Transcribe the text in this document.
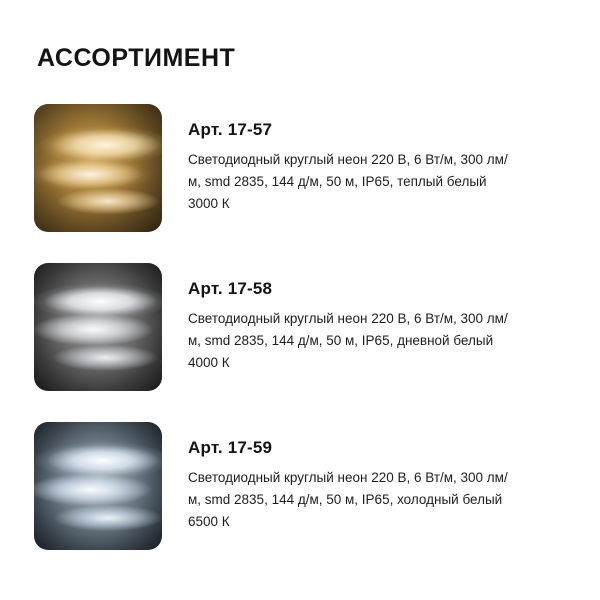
АССОРТИМЕНТ
Арт. 17-57
Светодиодный круглый неон 220 В, 6 Вт/м, 300 лм/м, smd 2835, 144 д/м, 50 м, IP65, теплый белый 3000 К
Арт. 17-58
Светодиодный круглый неон 220 В, 6 Вт/м, 300 лм/м, smd 2835, 144 д/м, 50 м, IP65, дневной белый 4000 К
Арт. 17-59
Светодиодный круглый неон 220 В, 6 Вт/м, 300 лм/м, smd 2835, 144 д/м, 50 м, IP65, холодный белый 6500 К
